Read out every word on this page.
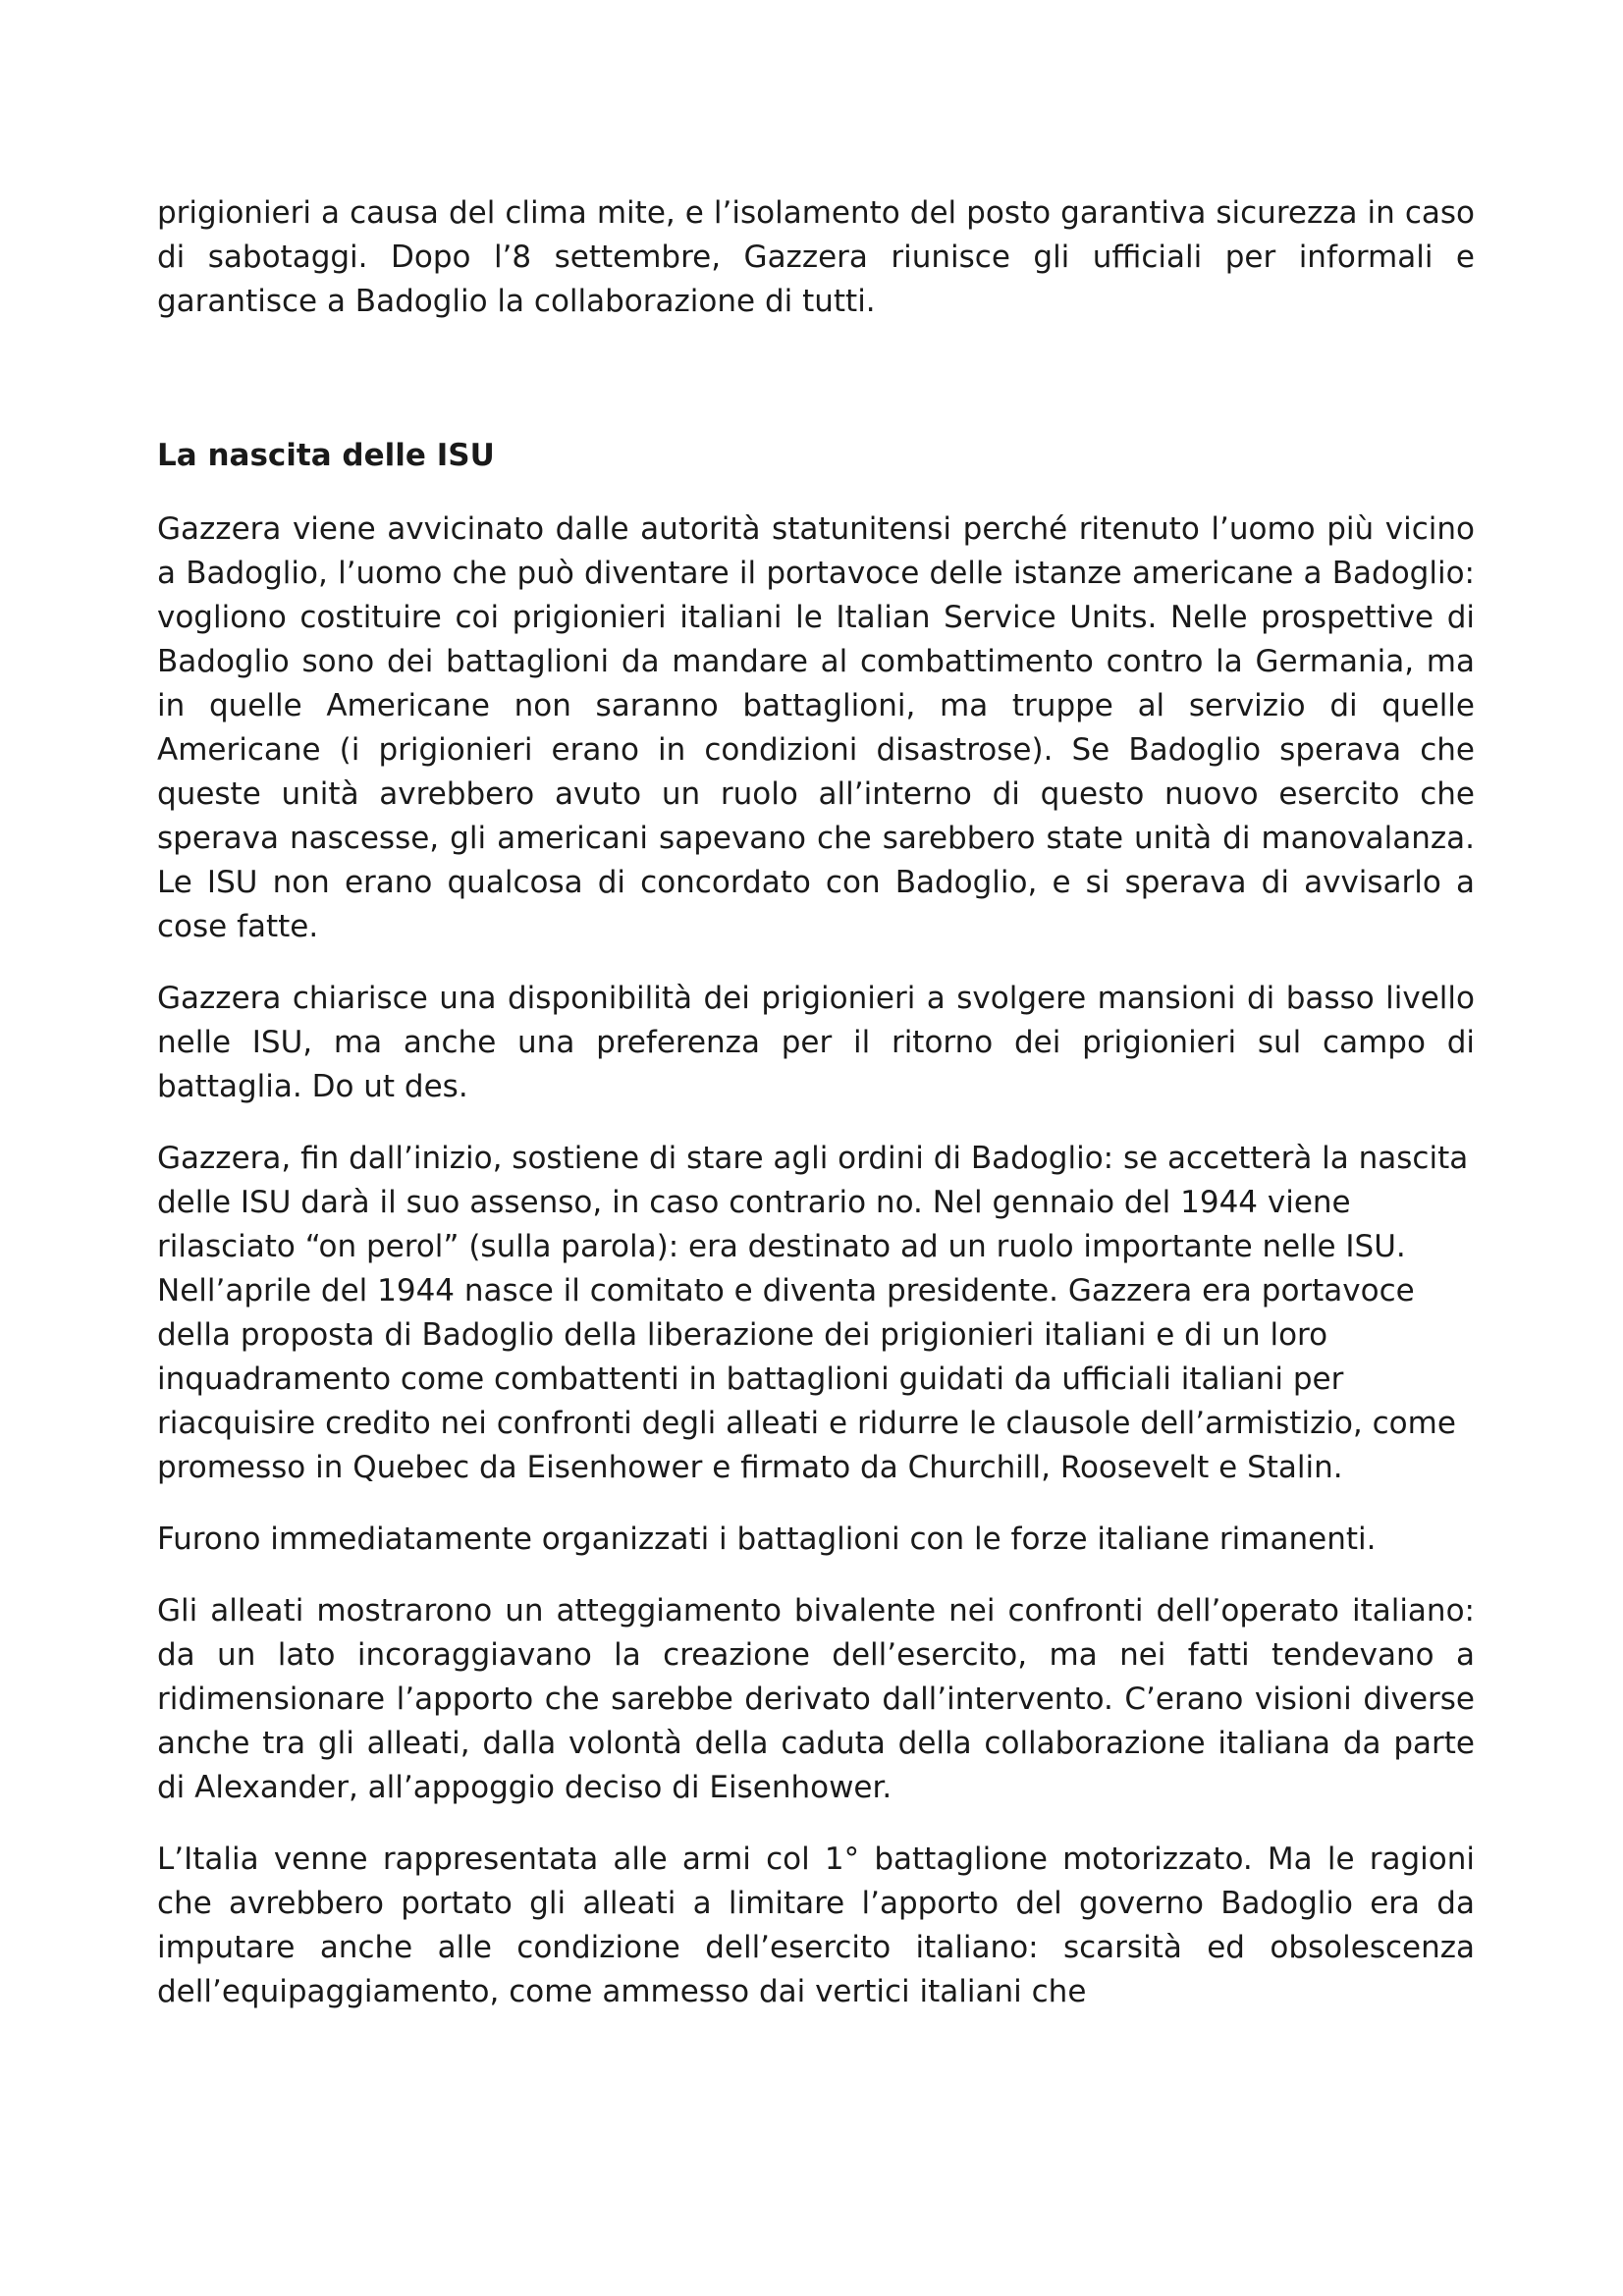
prigionieri a causa del clima mite, e l’isolamento del posto garantiva sicurezza in caso di sabotaggi. Dopo l’8 settembre, Gazzera riunisce gli ufficiali per informali e garantisce a Badoglio la collaborazione di tutti.

La nascita delle ISU

Gazzera viene avvicinato dalle autorità statunitensi perché ritenuto l’uomo più vicino a Badoglio, l’uomo che può diventare il portavoce delle istanze americane a Badoglio: vogliono costituire coi prigionieri italiani le Italian Service Units. Nelle prospettive di Badoglio sono dei battaglioni da mandare al combattimento contro la Germania, ma in quelle Americane non saranno battaglioni, ma truppe al servizio di quelle Americane (i prigionieri erano in condizioni disastrose). Se Badoglio sperava che queste unità avrebbero avuto un ruolo all’interno di questo nuovo esercito che sperava nascesse, gli americani sapevano che sarebbero state unità di manovalanza. Le ISU non erano qualcosa di concordato con Badoglio, e si sperava di avvisarlo a cose fatte.

Gazzera chiarisce una disponibilità dei prigionieri a svolgere mansioni di basso livello nelle ISU, ma anche una preferenza per il ritorno dei prigionieri sul campo di battaglia. Do ut des.

Gazzera, fin dall’inizio, sostiene di stare agli ordini di Badoglio: se accetterà la nascita delle ISU darà il suo assenso, in caso contrario no. Nel gennaio del 1944 viene rilasciato “on perol” (sulla parola): era destinato ad un ruolo importante nelle ISU. Nell’aprile del 1944 nasce il comitato e diventa presidente. Gazzera era portavoce della proposta di Badoglio della liberazione dei prigionieri italiani e di un loro inquadramento come combattenti in battaglioni guidati da ufficiali italiani per riacquisire credito nei confronti degli alleati e ridurre le clausole dell’armistizio, come promesso in Quebec da Eisenhower e firmato da Churchill, Roosevelt e Stalin.

Furono immediatamente organizzati i battaglioni con le forze italiane rimanenti.

Gli alleati mostrarono un atteggiamento bivalente nei confronti dell’operato italiano: da un lato incoraggiavano la creazione dell’esercito, ma nei fatti tendevano a ridimensionare l’apporto che sarebbe derivato dall’intervento. C’erano visioni diverse anche tra gli alleati, dalla volontà della caduta della collaborazione italiana da parte di Alexander, all’appoggio deciso di Eisenhower.

L’Italia venne rappresentata alle armi col 1° battaglione motorizzato. Ma le ragioni che avrebbero portato gli alleati a limitare l’apporto del governo Badoglio era da imputare anche alle condizione dell’esercito italiano: scarsità ed obsolescenza dell’equipaggiamento, come ammesso dai vertici italiani che
